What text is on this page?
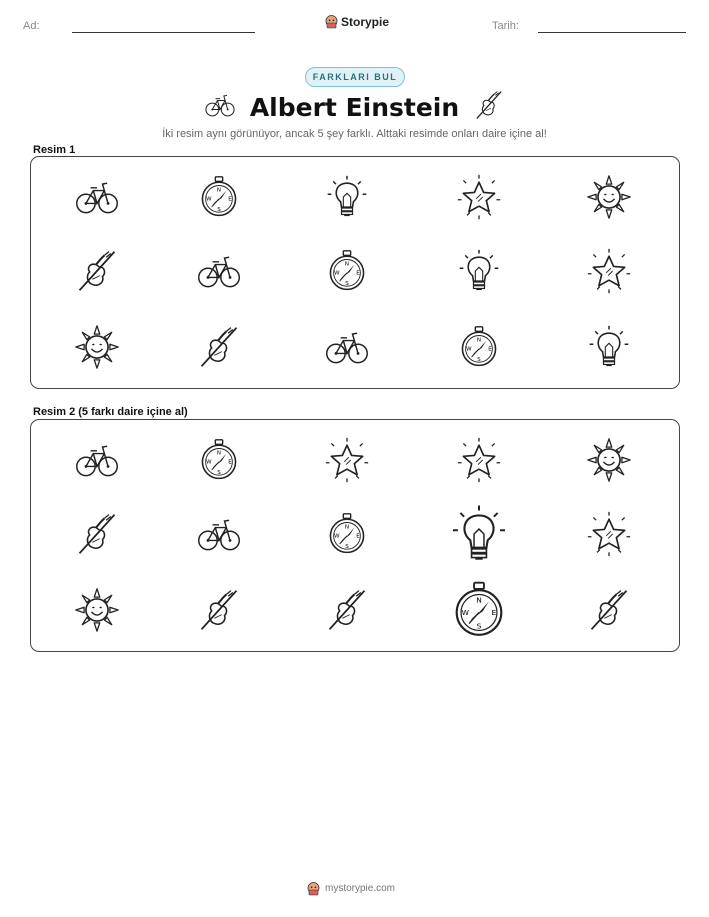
Ad:	Storypie	Tarih:
FARKLARI BUL
Albert Einstein
İki resim aynı görünüyor, ancak 5 şey farklı. Alttaki resimde onları daire içine al!
Resim 1
N
S
W	E
N
S
W	E
N
S
W	E
Resim 2 (5 farkı daire içine al)
N
S
W	E
N
S
W	E
N
S
W	E
mystorypie.com
